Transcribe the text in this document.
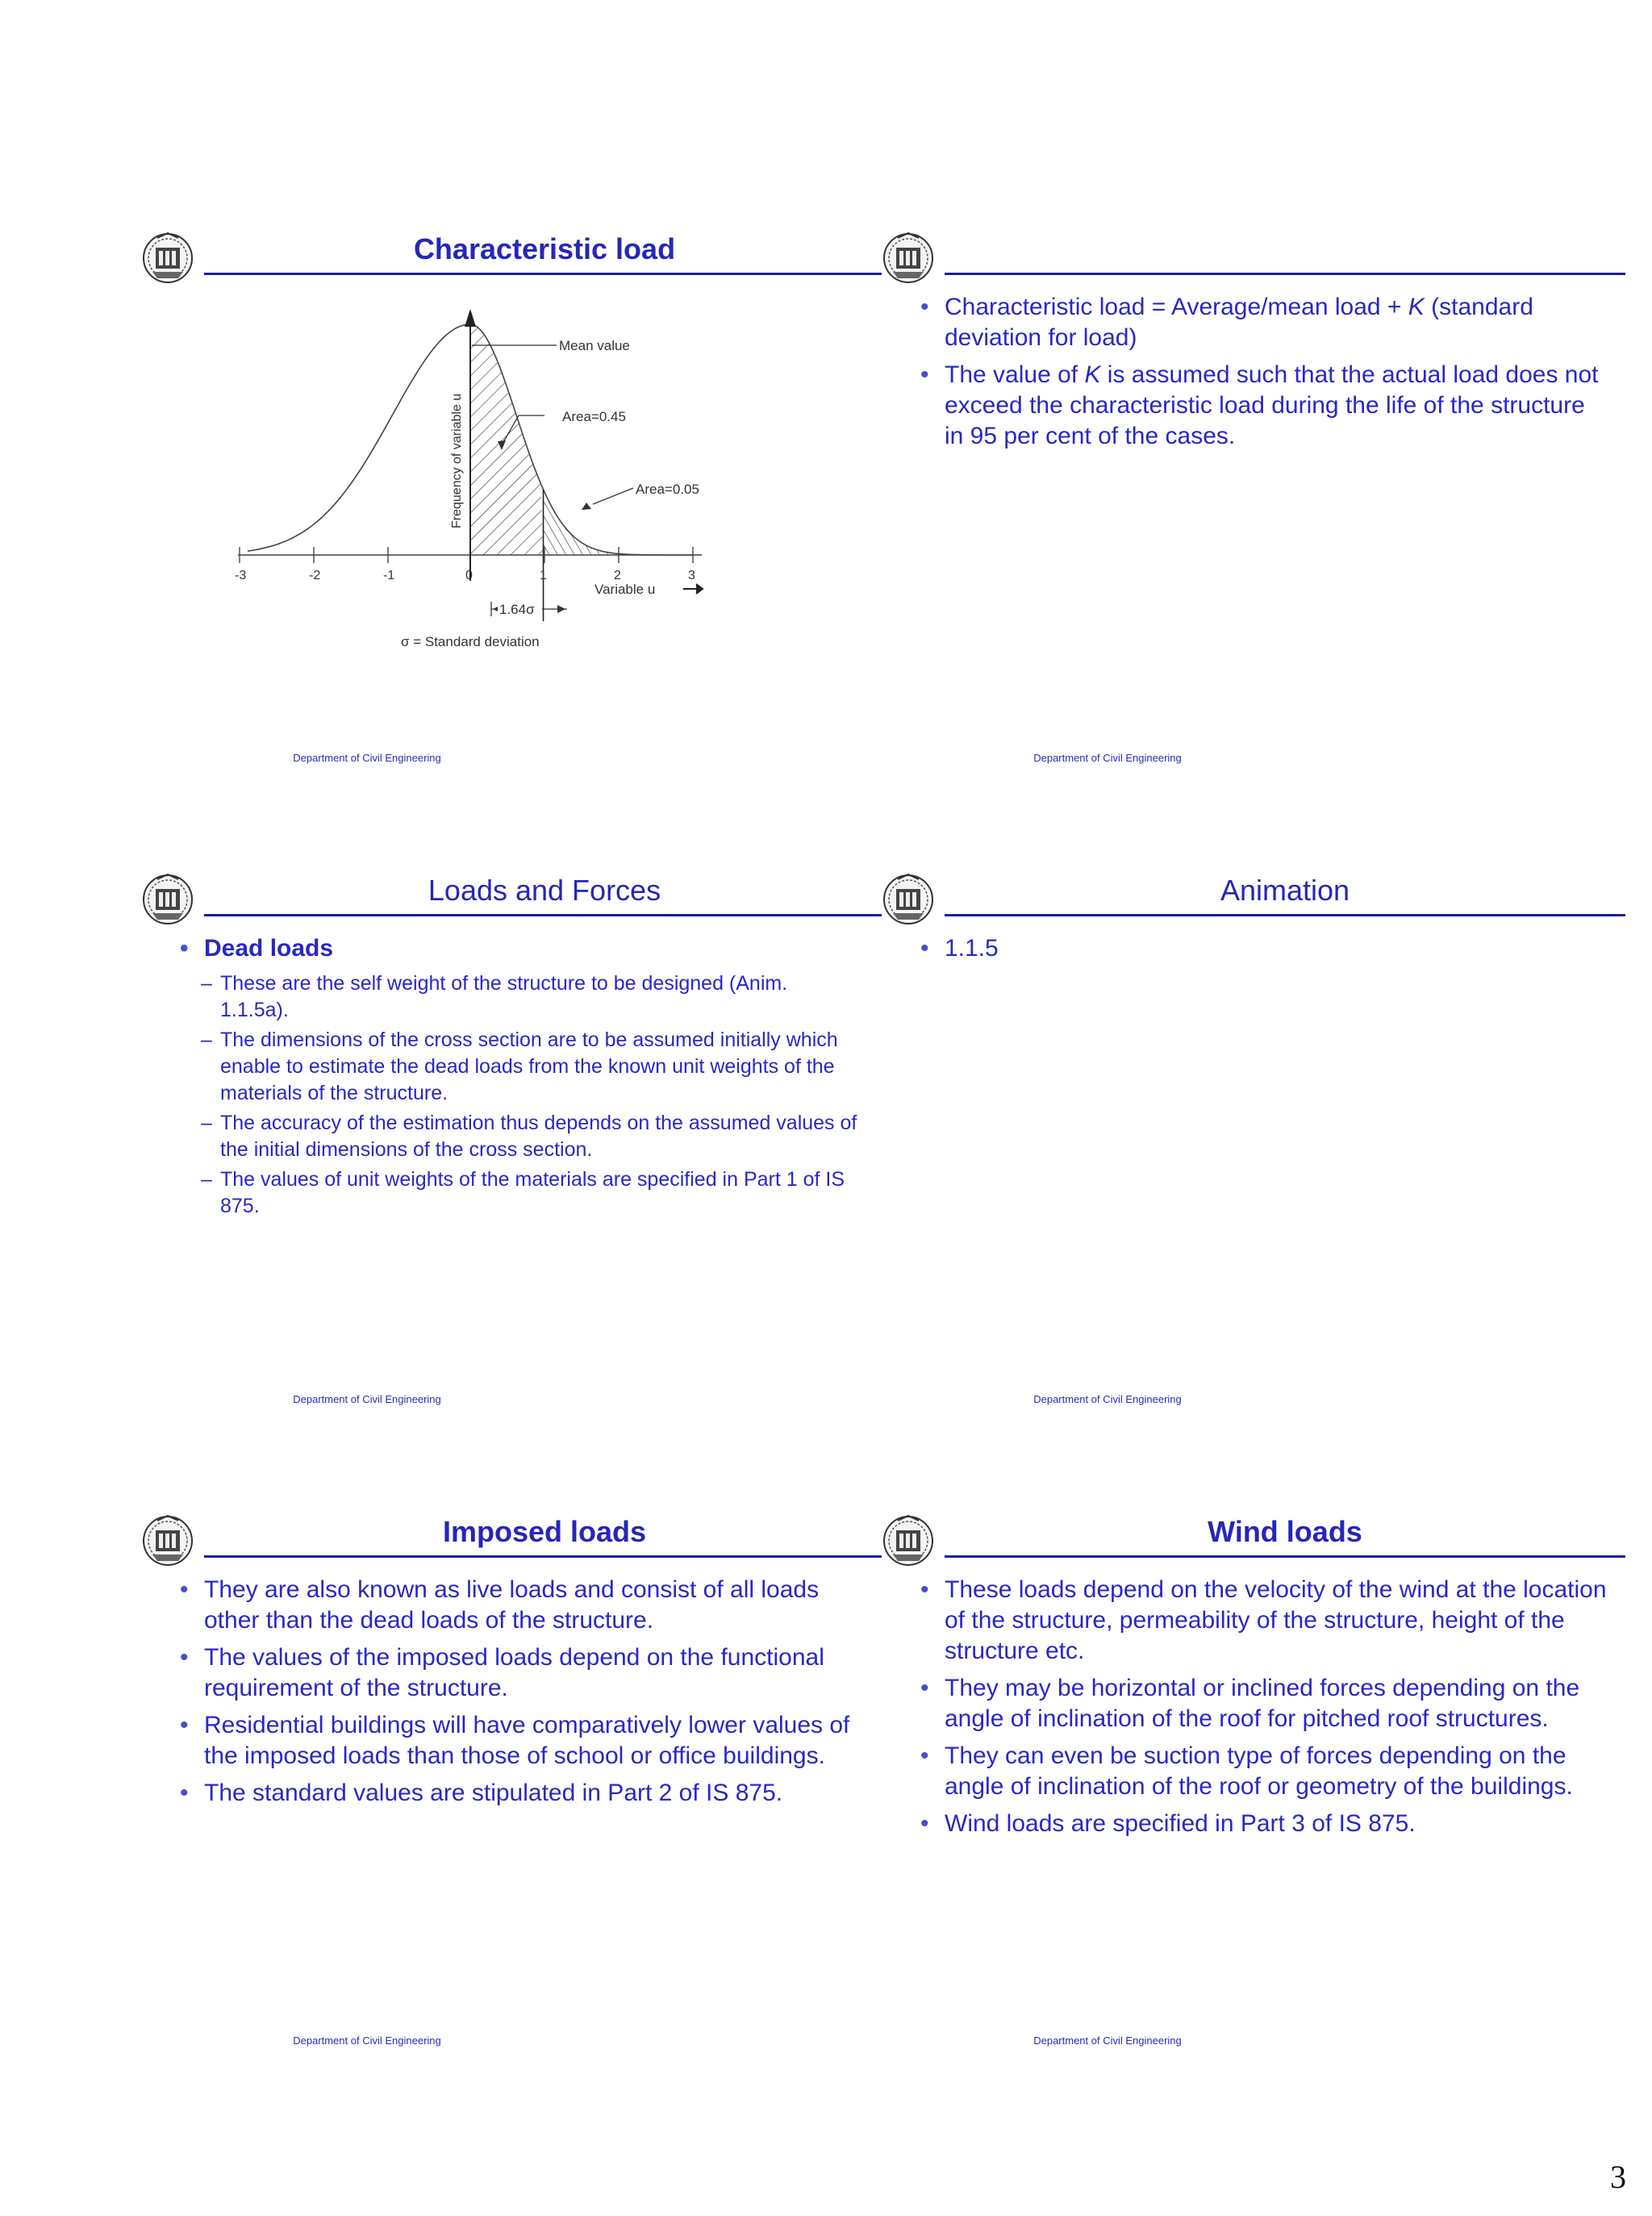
Characteristic load
-3	-2	-1	0	1	2	3
Frequency of variable u
Variable u
Mean value
Area=0.45
Area=0.05
1.64σ
σ = Standard deviation
Department of Civil Engineering
• Characteristic load = Average/mean load + K (standard deviation for load)
• The value of K is assumed such that the actual load does not exceed the characteristic load during the life of the structure in 95 per cent of the cases.
Department of Civil Engineering
Loads and Forces
• Dead loads
– These are the self weight of the structure to be designed (Anim. 1.1.5a).
– The dimensions of the cross section are to be assumed initially which enable to estimate the dead loads from the known unit weights of the materials of the structure.
– The accuracy of the estimation thus depends on the assumed values of the initial dimensions of the cross section.
– The values of unit weights of the materials are specified in Part 1 of IS 875.
Department of Civil Engineering
Animation
• 1.1.5
Department of Civil Engineering
Imposed loads
• They are also known as live loads and consist of all loads other than the dead loads of the structure.
• The values of the imposed loads depend on the functional requirement of the structure.
• Residential buildings will have comparatively lower values of the imposed loads than those of school or office buildings.
• The standard values are stipulated in Part 2 of IS 875.
Department of Civil Engineering
Wind loads
• These loads depend on the velocity of the wind at the location of the structure, permeability of the structure, height of the structure etc.
• They may be horizontal or inclined forces depending on the angle of inclination of the roof for pitched roof structures.
• They can even be suction type of forces depending on the angle of inclination of the roof or geometry of the buildings.
• Wind loads are specified in Part 3 of IS 875.
Department of Civil Engineering
3
